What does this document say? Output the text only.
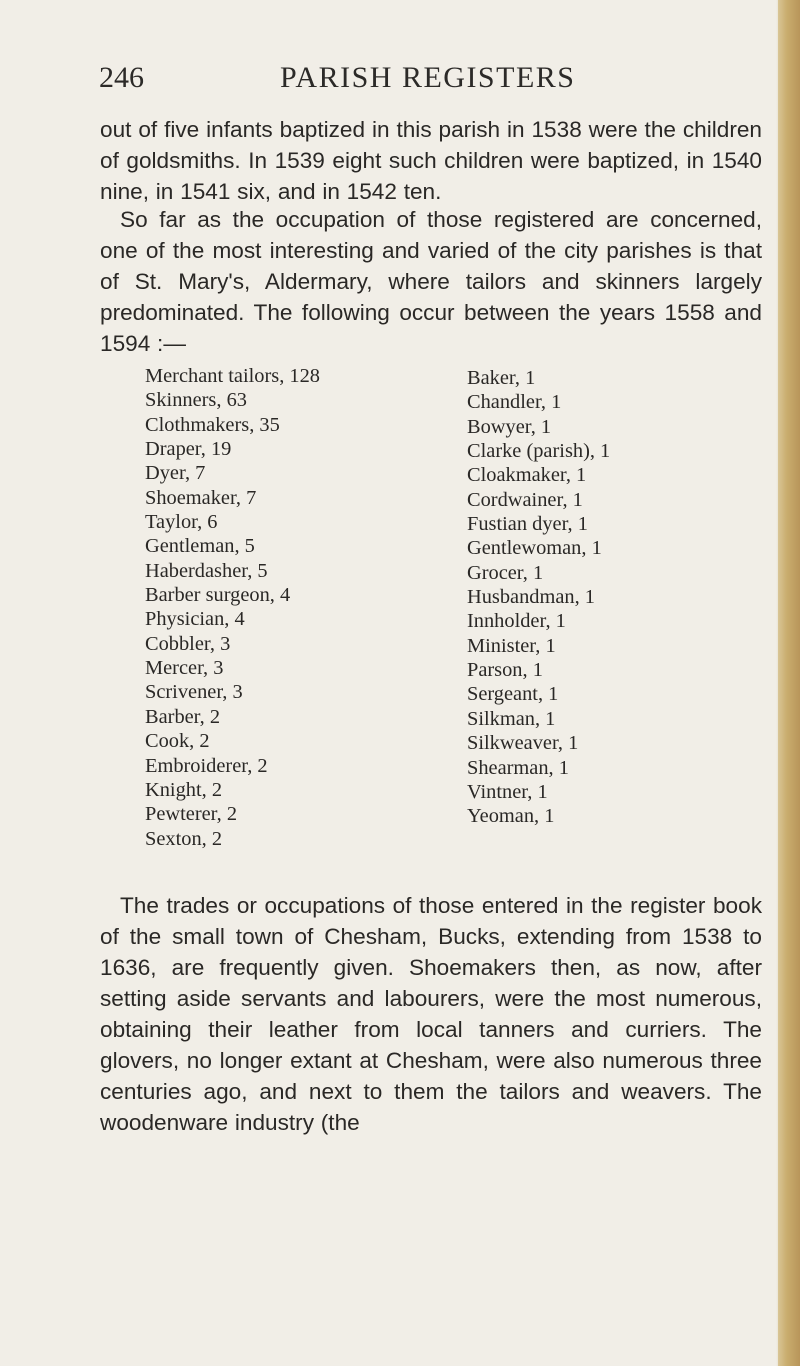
246	PARISH REGISTERS

out of five infants baptized in this parish in 1538 were the children of goldsmiths. In 1539 eight such children were baptized, in 1540 nine, in 1541 six, and in 1542 ten.

So far as the occupation of those registered are concerned, one of the most interesting and varied of the city parishes is that of St. Mary's, Aldermary, where tailors and skinners largely predominated. The following occur between the years 1558 and 1594 :—

Merchant tailors, 128
Skinners, 63
Clothmakers, 35
Draper, 19
Dyer, 7
Shoemaker, 7
Taylor, 6
Gentleman, 5
Haberdasher, 5
Barber surgeon, 4
Physician, 4
Cobbler, 3
Mercer, 3
Scrivener, 3
Barber, 2
Cook, 2
Embroiderer, 2
Knight, 2
Pewterer, 2
Sexton, 2
Baker, 1
Chandler, 1
Bowyer, 1
Clarke (parish), 1
Cloakmaker, 1
Cordwainer, 1
Fustian dyer, 1
Gentlewoman, 1
Grocer, 1
Husbandman, 1
Innholder, 1
Minister, 1
Parson, 1
Sergeant, 1
Silkman, 1
Silkweaver, 1
Shearman, 1
Vintner, 1
Yeoman, 1

The trades or occupations of those entered in the register book of the small town of Chesham, Bucks, extending from 1538 to 1636, are frequently given. Shoemakers then, as now, after setting aside servants and labourers, were the most numerous, obtaining their leather from local tanners and curriers. The glovers, no longer extant at Chesham, were also numerous three centuries ago, and next to them the tailors and weavers. The woodenware industry (the
